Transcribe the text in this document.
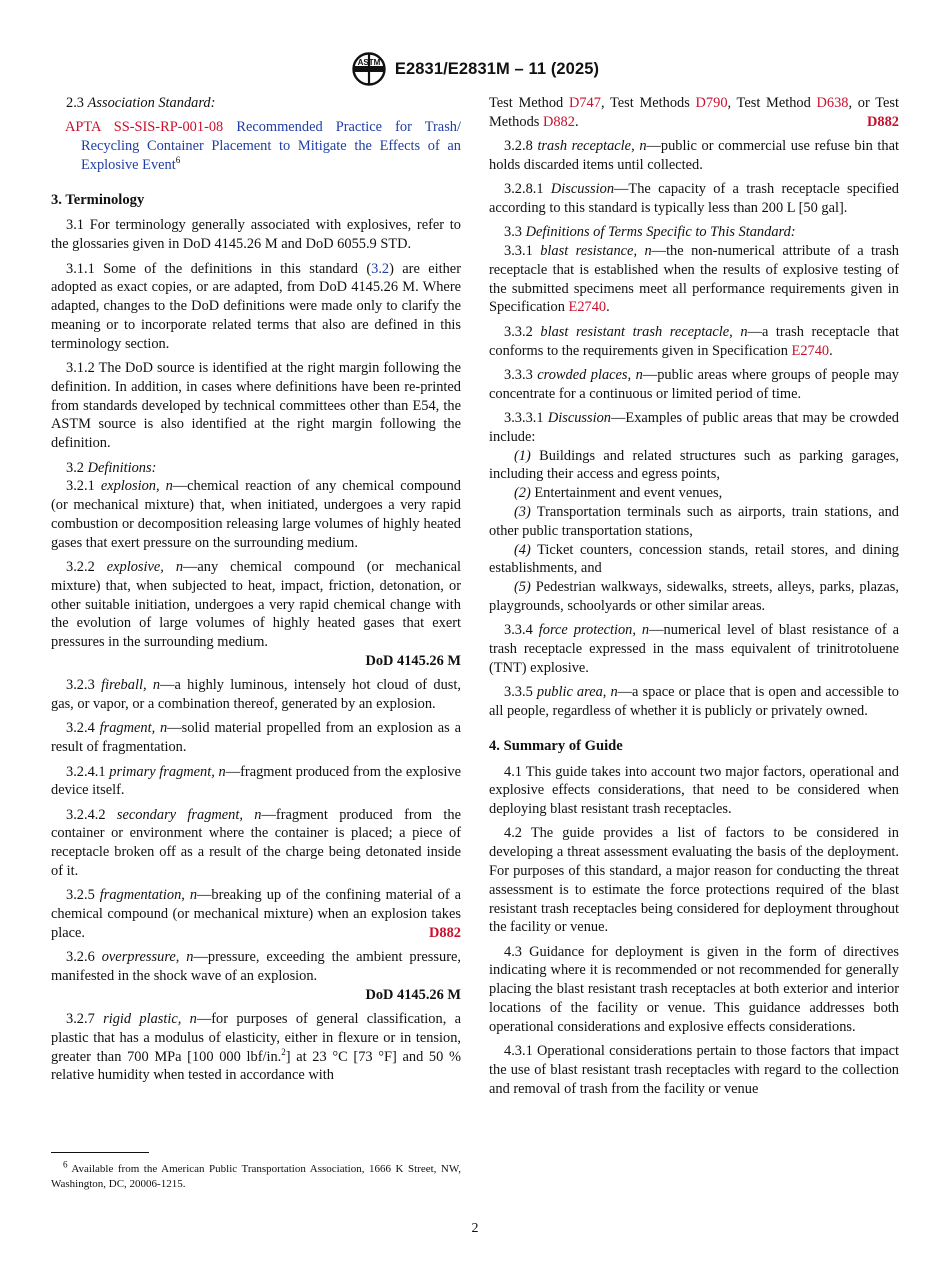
ASTM E2831/E2831M – 11 (2025)

2.3 Association Standard:

APTA SS-SIS-RP-001-08 Recommended Practice for Trash/ Recycling Container Placement to Mitigate the Effects of an Explosive Event$^6$

3. Terminology

3.1 For terminology generally associated with explosives, refer to the glossaries given in DoD 4145.26 M and DoD 6055.9 STD.

3.1.1 Some of the definitions in this standard (3.2) are either adopted as exact copies, or are adapted, from DoD 4145.26 M. Where adapted, changes to the DoD definitions were made only to clarify the meaning or to incorporate related terms that also are defined in this terminology section.

3.1.2 The DoD source is identified at the right margin following the definition. In addition, in cases where definitions have been re-printed from standards developed by technical committees other than E54, the ASTM source is also identified at the right margin following the definition.

3.2 Definitions:

3.2.1 explosion, n—chemical reaction of any chemical compound (or mechanical mixture) that, when initiated, undergoes a very rapid combustion or decomposition releasing large volumes of highly heated gases that exert pressure on the surrounding medium.

3.2.2 explosive, n—any chemical compound (or mechanical mixture) that, when subjected to heat, impact, friction, detonation, or other suitable initiation, undergoes a very rapid chemical change with the evolution of large volumes of highly heated gases that exert pressures in the surrounding medium.

DoD 4145.26 M

3.2.3 fireball, n—a highly luminous, intensely hot cloud of dust, gas, or vapor, or a combination thereof, generated by an explosion.

3.2.4 fragment, n—solid material propelled from an explosion as a result of fragmentation.

3.2.4.1 primary fragment, n—fragment produced from the explosive device itself.

3.2.4.2 secondary fragment, n—fragment produced from the container or environment where the container is placed; a piece of receptacle broken off as a result of the charge being detonated inside of it.

3.2.5 fragmentation, n—breaking up of the confining material of a chemical compound (or mechanical mixture) when an explosion takes place.	D882

3.2.6 overpressure, n—pressure, exceeding the ambient pressure, manifested in the shock wave of an explosion.

DoD 4145.26 M

3.2.7 rigid plastic, n—for purposes of general classification, a plastic that has a modulus of elasticity, either in flexure or in tension, greater than 700 MPa [100 000 lbf/in.$^2$] at 23 °C [73 °F] and 50 % relative humidity when tested in accordance with

Test Method D747, Test Methods D790, Test Method D638, or Test Methods D882.	D882

3.2.8 trash receptacle, n—public or commercial use refuse bin that holds discarded items until collected.

3.2.8.1 Discussion—The capacity of a trash receptacle specified according to this standard is typically less than 200 L [50 gal].

3.3 Definitions of Terms Specific to This Standard:

3.3.1 blast resistance, n—the non-numerical attribute of a trash receptacle that is established when the results of explosive testing of the submitted specimens meet all performance requirements given in Specification E2740.

3.3.2 blast resistant trash receptacle, n—a trash receptacle that conforms to the requirements given in Specification E2740.

3.3.3 crowded places, n—public areas where groups of people may concentrate for a continuous or limited period of time.

3.3.3.1 Discussion—Examples of public areas that may be crowded include:

(1) Buildings and related structures such as parking garages, including their access and egress points,

(2) Entertainment and event venues,

(3) Transportation terminals such as airports, train stations, and other public transportation stations,

(4) Ticket counters, concession stands, retail stores, and dining establishments, and

(5) Pedestrian walkways, sidewalks, streets, alleys, parks, plazas, playgrounds, schoolyards or other similar areas.

3.3.4 force protection, n—numerical level of blast resistance of a trash receptacle expressed in the mass equivalent of trinitrotoluene (TNT) explosive.

3.3.5 public area, n—a space or place that is open and accessible to all people, regardless of whether it is publicly or privately owned.

4. Summary of Guide

4.1 This guide takes into account two major factors, operational and explosive effects considerations, that need to be considered when deploying blast resistant trash receptacles.

4.2 The guide provides a list of factors to be considered in developing a threat assessment evaluating the basis of the deployment. For purposes of this standard, a major reason for conducting the threat assessment is to estimate the force protections required of the blast resistant trash receptacles being considered for deployment throughout the facility or venue.

4.3 Guidance for deployment is given in the form of directives indicating where it is recommended or not recommended for generally placing the blast resistant trash receptacles at both exterior and interior locations of the facility or venue. This guidance addresses both operational considerations and explosive effects considerations.

4.3.1 Operational considerations pertain to those factors that impact the use of blast resistant trash receptacles with regard to the collection and removal of trash from the facility or venue

$^6$ Available from the American Public Transportation Association, 1666 K Street, NW, Washington, DC, 20006-1215.
2
